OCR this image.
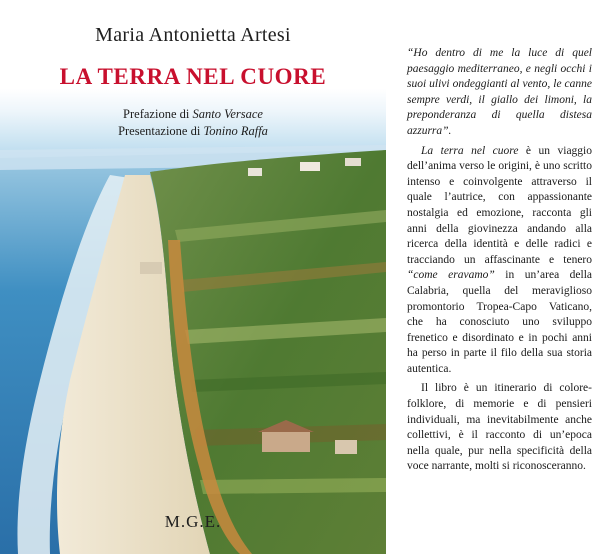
Maria Antonietta Artesi
LA TERRA NEL CUORE
Prefazione di Santo Versace
Presentazione di Tonino Raffa
M.G.E.

“Ho dentro di me la luce di quel paesaggio mediterraneo, e negli occhi i suoi ulivi ondeggianti al vento, le canne sempre verdi, il giallo dei limoni, la preponderanza di quella distesa azzurra”.

La terra nel cuore è un viaggio dell’anima verso le origini, è uno scritto intenso e coinvolgente attraverso il quale l’autrice, con appassionante nostalgia ed emozione, racconta gli anni della giovinezza andando alla ricerca della identità e delle radici e tracciando un affascinante e tenero “come eravamo” in un’area della Calabria, quella del meraviglioso promontorio Tropea-Capo Vaticano, che ha conosciuto uno sviluppo frenetico e disordinato e in pochi anni ha perso in parte il filo della sua storia autentica.

Il libro è un itinerario di colore-folklore, di memorie e di pensieri individuali, ma inevitabilmente anche collettivi, è il racconto di un’epoca nella quale, pur nella specificità della voce narrante, molti si riconosceranno.
